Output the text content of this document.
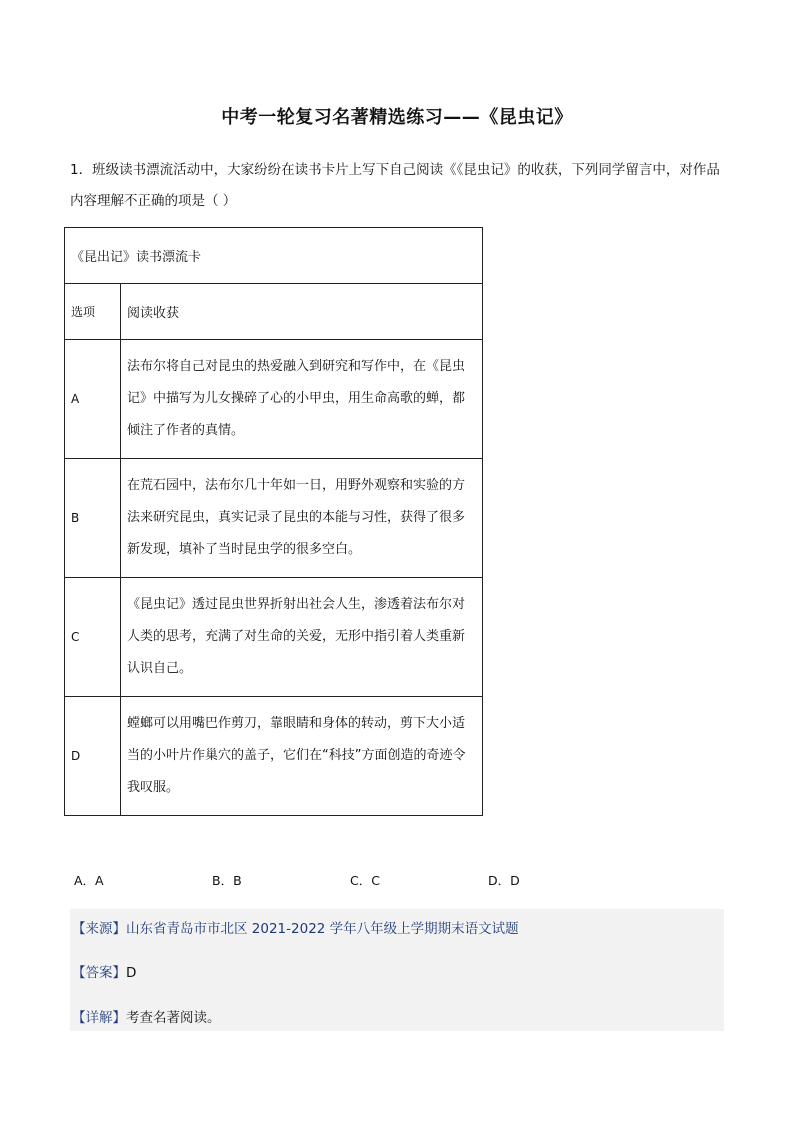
中考一轮复习名著精选练习——《昆虫记》
1．班级读书漂流活动中，大家纷纷在读书卡片上写下自己阅读《《昆虫记》的收获，下列同学留言中，对作品内容理解不正确的项是（ ）
《昆出记》读书漂流卡	
选项	阅读收获
A	法布尔将自己对昆虫的热爱融入到研究和写作中，在《昆虫记》中描写为儿女操碎了心的小甲虫，用生命高歌的蝉，都倾注了作者的真情。
B	在荒石园中，法布尔几十年如一日，用野外观察和实验的方法来研究昆虫，真实记录了昆虫的本能与习性，获得了很多新发现，填补了当时昆虫学的很多空白。
C	《昆虫记》透过昆虫世界折射出社会人生，渗透着法布尔对人类的思考，充满了对生命的关爱，无形中指引着人类重新认识自己。
D	螳螂可以用嘴巴作剪刀，靠眼睛和身体的转动，剪下大小适当的小叶片作巢穴的盖子，它们在“科技”方面创造的奇迹令我叹服。
A．A	B．B	C．C	D．D
【来源】山东省青岛市市北区 2021-2022 学年八年级上学期期末语文试题
【答案】D
【详解】考查名著阅读。
